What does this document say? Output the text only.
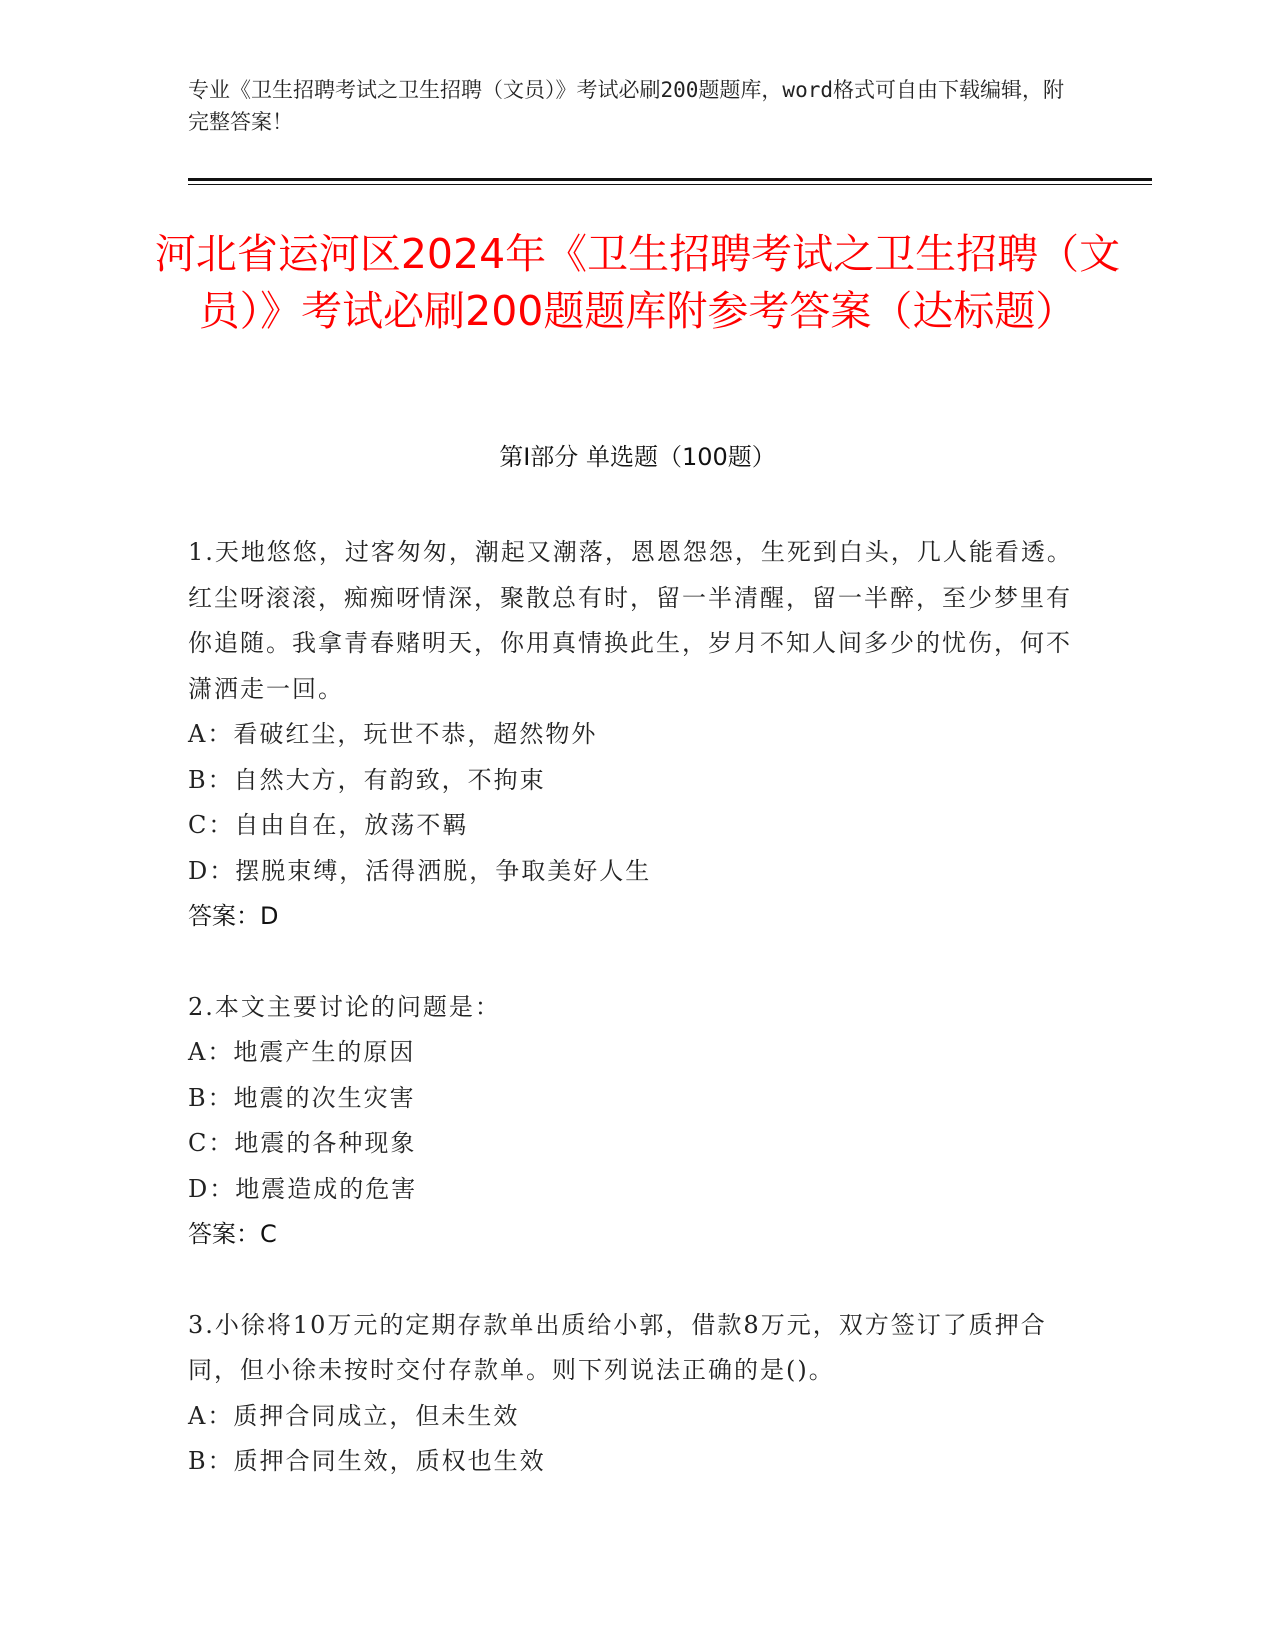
专业《卫生招聘考试之卫生招聘（文员）》考试必刷200题题库，word格式可自由下载编辑，附完整答案！
河北省运河区2024年《卫生招聘考试之卫生招聘（文员）》考试必刷200题题库附参考答案（达标题）
第Ⅰ部分 单选题（100题）

1.天地悠悠，过客匆匆，潮起又潮落，恩恩怨怨，生死到白头，几人能看透。红尘呀滚滚，痴痴呀情深，聚散总有时，留一半清醒，留一半醉，至少梦里有你追随。我拿青春赌明天，你用真情换此生，岁月不知人间多少的忧伤，何不潇洒走一回。

A：看破红尘，玩世不恭，超然物外

B：自然大方，有韵致，不拘束

C：自由自在，放荡不羁

D：摆脱束缚，活得洒脱，争取美好人生

答案：D

2.本文主要讨论的问题是：

A：地震产生的原因

B：地震的次生灾害

C：地震的各种现象

D：地震造成的危害

答案：C

3.小徐将10万元的定期存款单出质给小郭，借款8万元，双方签订了质押合同，但小徐未按时交付存款单。则下列说法正确的是()。

A：质押合同成立，但未生效

B：质押合同生效，质权也生效
